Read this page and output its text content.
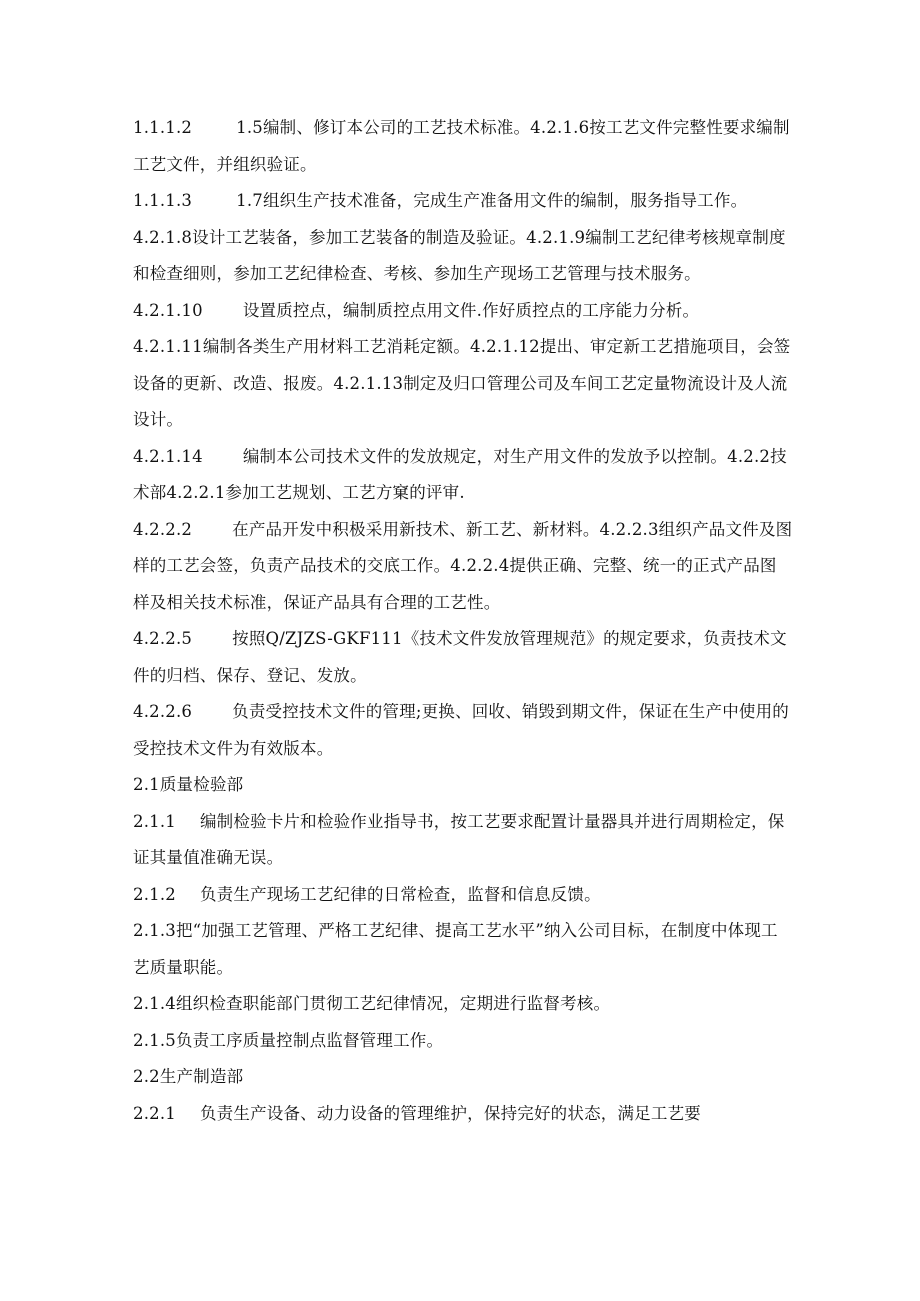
1.1.1.2	1.5编制、修订本公司的工艺技术标准。4.2.1.6按工艺文件完整性要求编制工艺文件，并组织验证。

1.1.1.3	1.7组织生产技术准备，完成生产准备用文件的编制，服务指导工作。4.2.1.8设计工艺装备，参加工艺装备的制造及验证。4.2.1.9编制工艺纪律考核规章制度和检查细则，参加工艺纪律检查、考核、参加生产现场工艺管理与技术服务。

4.2.1.10 设置质控点，编制质控点用文件.作好质控点的工序能力分析。

4.2.1.11编制各类生产用材料工艺消耗定额。4.2.1.12提出、审定新工艺措施项目，会签设备的更新、改造、报废。4.2.1.13制定及归口管理公司及车间工艺定量物流设计及人流设计。

4.2.1.14 编制本公司技术文件的发放规定，对生产用文件的发放予以控制。4.2.2技术部4.2.2.1参加工艺规划、工艺方窠的评审.

4.2.2.2 在产品开发中积极采用新技术、新工艺、新材料。4.2.2.3组织产品文件及图样的工艺会签，负责产品技术的交底工作。4.2.2.4提供正确、完整、统一的正式产品图样及相关技术标准，保证产品具有合理的工艺性。

4.2.2.5 按照Q/ZJZS-GKF111《技术文件发放管理规范》的规定要求，负责技术文件的归档、保存、登记、发放。

4.2.2.6 负责受控技术文件的管理;更换、回收、销毁到期文件，保证在生产中使用的受控技术文件为有效版本。

2.1质量检验部

2.1.1 编制检验卡片和检验作业指导书，按工艺要求配置计量器具并进行周期检定，保证其量值准确无误。

2.1.2 负责生产现场工艺纪律的日常检查，监督和信息反馈。

2.1.3把“加强工艺管理、严格工艺纪律、提高工艺水平”纳入公司目标，在制度中体现工艺质量职能。

2.1.4组织检查职能部门贯彻工艺纪律情况，定期进行监督考核。

2.1.5负责工序质量控制点监督管理工作。

2.2生产制造部

2.2.1 负责生产设备、动力设备的管理维护，保持完好的状态，满足工艺要
